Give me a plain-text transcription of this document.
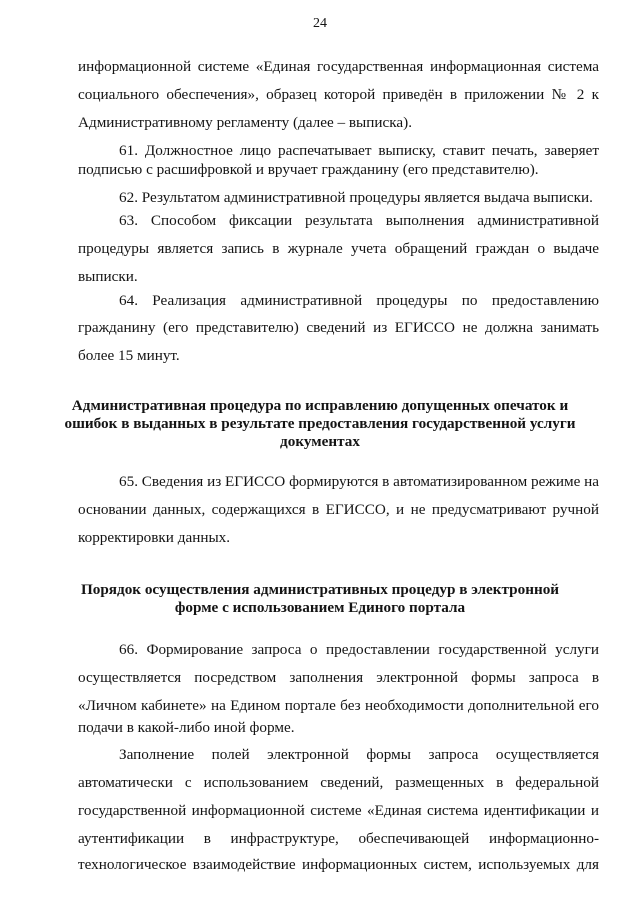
24
информационной системе «Единая государственная информационная система
социального обеспечения», образец которой приведён в приложении № 2 к
Административному регламенту (далее – выписка).
61. Должностное лицо распечатывает выписку, ставит печать, заверяет
подписью с расшифровкой и вручает гражданину (его представителю).
62. Результатом административной процедуры является выдача выписки.
63. Способом фиксации результата выполнения административной
процедуры является запись в журнале учета обращений граждан о выдаче
выписки.
64. Реализация административной процедуры по предоставлению
гражданину (его представителю) сведений из ЕГИССО не должна занимать
более 15 минут.
Административная процедура по исправлению допущенных опечаток и
ошибок в выданных в результате предоставления государственной услуги
документах
65. Сведения из ЕГИССО формируются в автоматизированном режиме на
основании данных, содержащихся в ЕГИССО, и не предусматривают ручной
корректировки данных.
Порядок осуществления административных процедур в электронной
форме с использованием Единого портала
66. Формирование запроса о предоставлении государственной услуги
осуществляется посредством заполнения электронной формы запроса в
«Личном кабинете» на Едином портале без необходимости дополнительной его
подачи в какой-либо иной форме.
Заполнение полей электронной формы запроса осуществляется
автоматически с использованием сведений, размещенных в федеральной
государственной информационной системе «Единая система идентификации и
аутентификации в инфраструктуре, обеспечивающей информационно-
технологическое взаимодействие информационных систем, используемых для
